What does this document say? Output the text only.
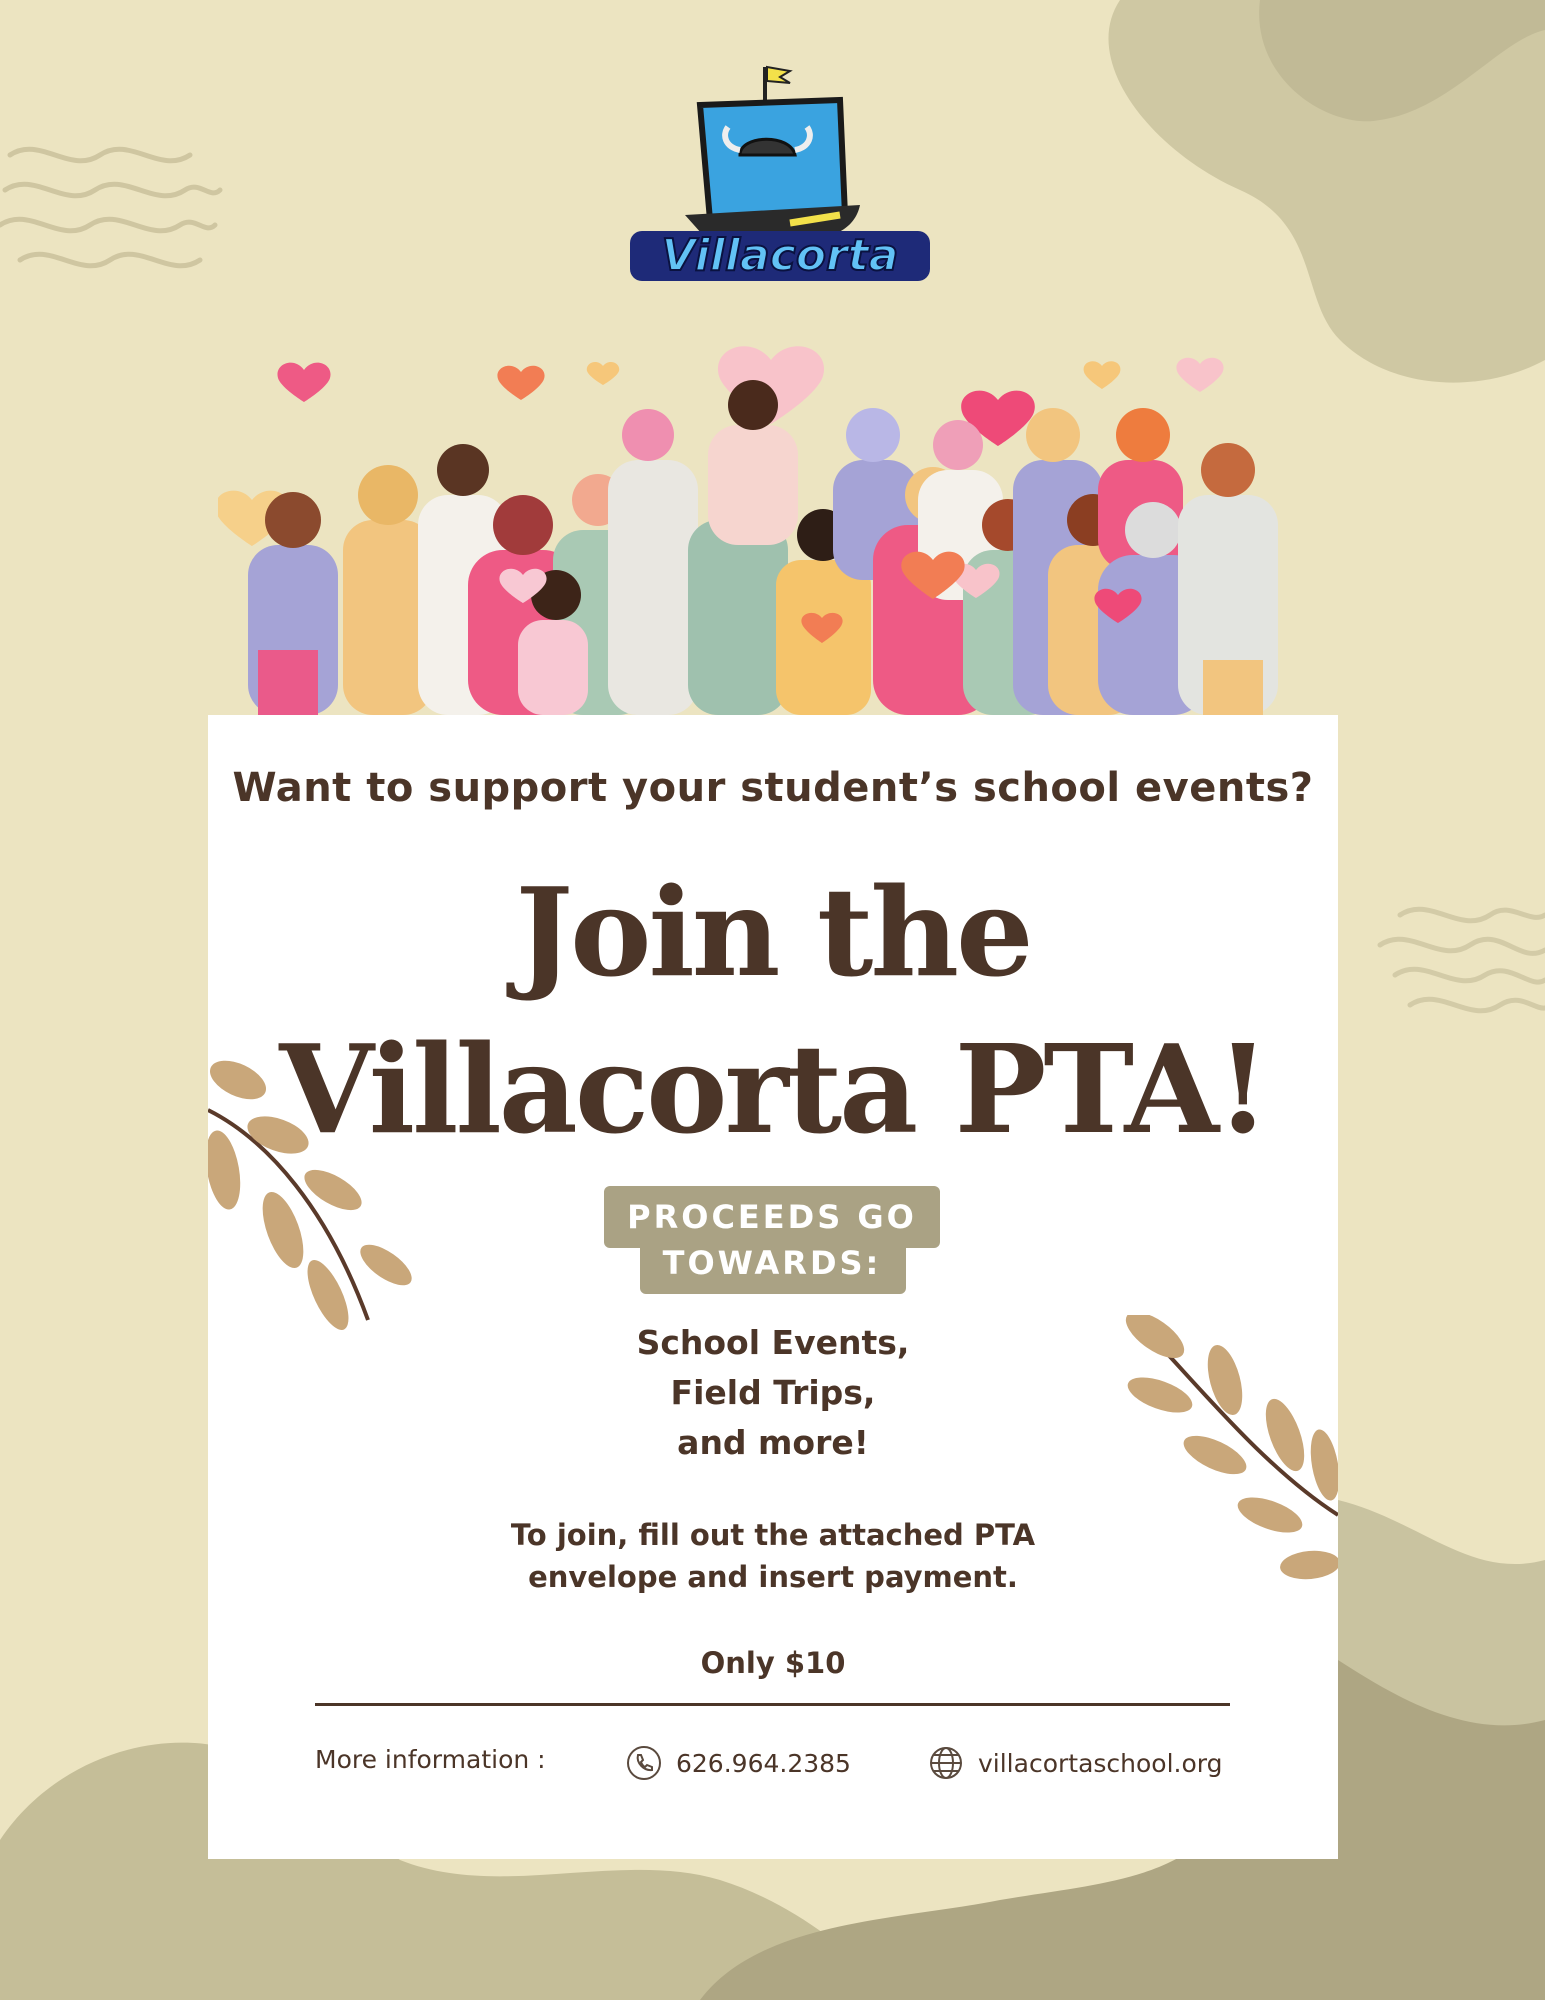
Villacorta
Want to support your student’s school events?
Join the
Villacorta PTA!
PROCEEDS GO
TOWARDS:
School Events,
Field Trips,
and more!
To join, fill out the attached PTA
envelope and insert payment.
Only $10
More information :	626.964.2385	villacortaschool.org
